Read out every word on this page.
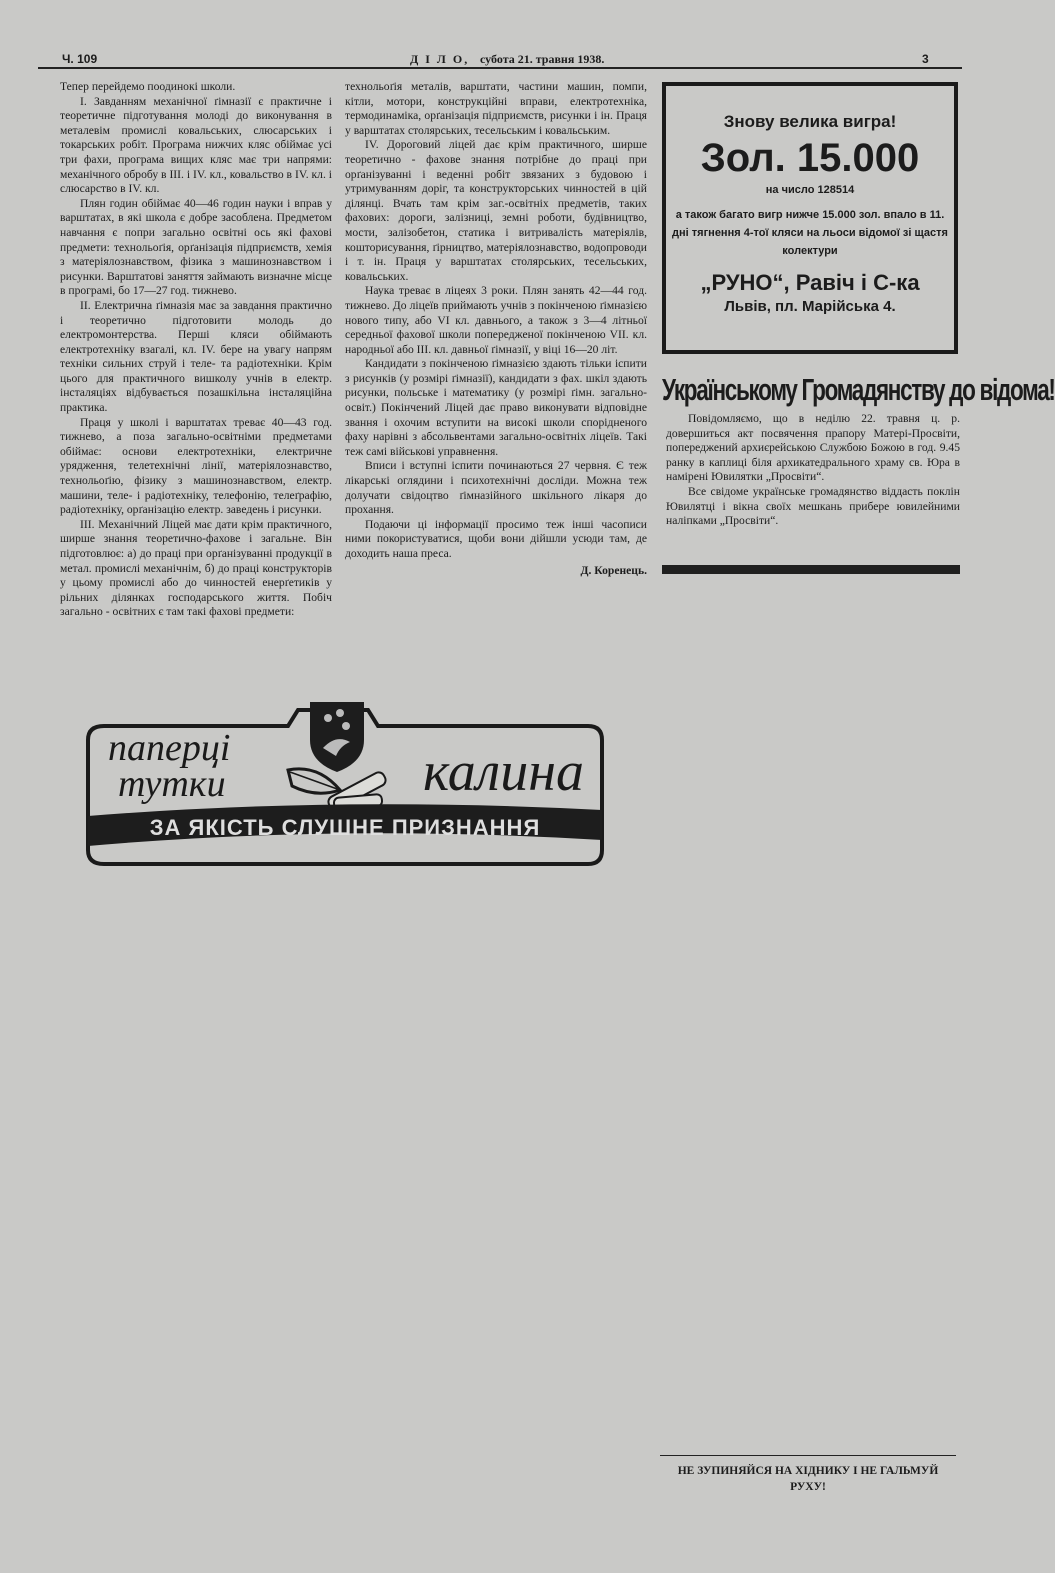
Ч. 109	Д І Л О, субота 21. травня 1938.	3

Тепер перейдемо поодинокі школи.

І. Завданням механічної ґімназії є практичне і теоретичне підготування молоді до виконування в металевім промислі ковальських, слюсарських і токарських робіт. Програма нижчих кляс обіймає усі три фахи, програма вищих кляс має три напрями: механічного обробу в ІІІ. і IV. кл., ковальство в IV. кл. і слюсарство в IV. кл.

Плян годин обіймає 40—46 годин науки і вправ у варштатах, в які школа є добре засоблена. Предметом навчання є попри загально освітні ось які фахові предмети: технольоґія, орґанізація підприємств, хемія з матеріялознавством, фізика з машинознавством і рисунки. Варштатові заняття займають визначне місце в програмі, бо 17—27 год. тижнево.

ІІ. Електрична ґімназія має за завдання практично і теоретично підготовити молодь до електромонтерства. Перші кляси обіймають електротехніку взагалі, кл. IV. бере на увагу напрям техніки сильних струй і теле- та радіотехніки. Крім цього для практичного вишколу учнів в електр. інсталяціях відбувається позашкільна інсталяційна практика.

Праця у школі і варштатах треває 40—43 год. тижнево, а поза загально-освітніми предметами обіймає: основи електротехніки, електричне урядження, телетехнічні лінії, матеріялознавство, технольоґію, фізику з машинознавством, електр. машини, теле- і радіотехніку, телефонію, телеґрафію, радіотехніку, орґанізацію електр. заведень і рисунки.

ІІІ. Механічний Ліцей має дати крім практичного, ширше знання теоретично-фахове і загальне. Він підготовлює: а) до праці при орґанізуванні продукції в метал. промислі механічнім, б) до праці конструкторів у цьому промислі або до чинностей енерґетиків у рільних ділянках господарського життя. Побіч загально - освітних є там такі фахові предмети:

технольоґія металів, варштати, частини машин, помпи, кітли, мотори, конструкційні вправи, електротехніка, термодинаміка, орґанізація підприємств, рисунки і ін. Праця у варштатах столярських, тесельським і ковальським.

IV. Дороговий ліцей дає крім практичного, ширше теоретично - фахове знання потрібне до праці при орґанізуванні і веденні робіт звязаних з будовою і утримуванням доріг, та конструкторських чинностей в цій ділянці. Вчать там крім заг.-освітніх предметів, таких фахових: дороги, залізниці, земні роботи, будівництво, мости, залізобетон, статика і витривалість матеріялів, кошторисування, ґірництво, матеріялознавство, водопроводи і т. ін. Праця у варштатах столярських, тесельських, ковальських.

Наука треває в ліцеях 3 роки. Плян занять 42—44 год. тижнево. До ліцеїв приймають учнів з покінченою ґімназією нового типу, або VI кл. давнього, а також з 3—4 літньої середньої фахової школи попередженої покінченою VII. кл. народньої або ІІІ. кл. давньої ґімназії, у віці 16—20 літ.

Кандидати з покінченою ґімназією здають тільки іспити з рисунків (у розмірі ґімназії), кандидати з фах. шкіл здають рисунки, польське і математику (у розмірі ґімн. загально-освіт.) Покінчений Ліцей дає право виконувати відповідне звання і охочим вступити на високі школи спорідненого фаху нарівні з абсольвентами загально-освітніх ліцеїв. Такі теж самі військові управнення.

Вписи і вступні іспити починаються 27 червня. Є теж лікарські оглядини і психотехнічні досліди. Можна теж долучати свідоцтво ґімназійного шкільного лікаря до прохання.

Подаючи ці інформації просимо теж інші часописи ними покористуватися, щоби вони дійшли усюди там, де доходить наша преса.

Д. Коренець.
Знову велика вигра!
Зол. 15.000
на число 128514
а також багато вигр нижче 15.000 зол. впало в 11. дні тягнення 4-тої кляси на льоси відомої зі щастя колектури
„РУНО“, Равіч і С-ка
Львів, пл. Марійська 4.
Українському Громадянству до відома!

Повідомляємо, що в неділю 22. травня ц. р. довершиться акт посвячення прапору Матері-Просвіти, попереджений архиєрейською Службою Божою в год. 9.45 ранку в каплиці біля архикатедрального храму св. Юра в намірені Ювилятки „Просвіти“.

Все свідоме українське громадянство віддасть поклін Ювилятці і вікна своїх мешкань прибере ювилейними наліпками „Просвіти“.

паперці
тутки	калина
ЗА ЯКІСТЬ СЛУШНЕ ПРИЗНАННЯ
НЕ ЗУПИНЯЙСЯ НА ХІДНИКУ І НЕ ГАЛЬМУЙ РУХУ!
